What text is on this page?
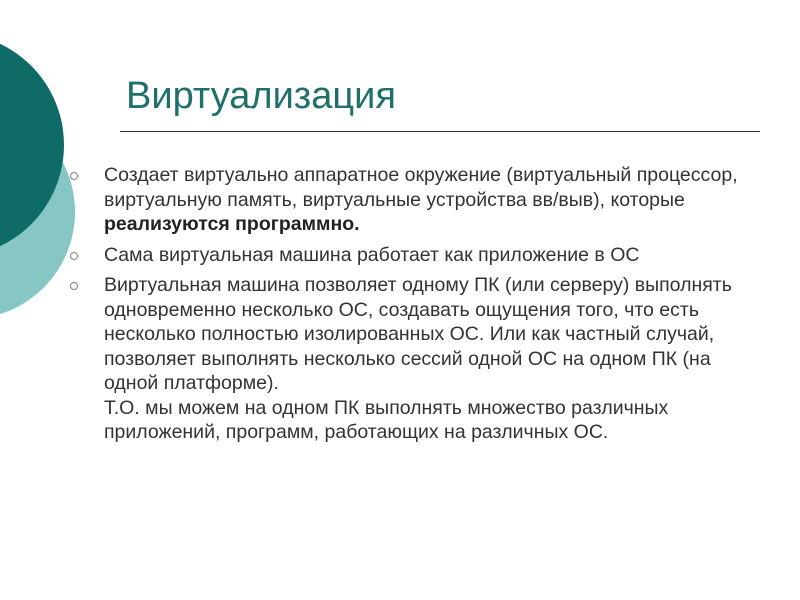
Виртуализация
Создает виртуально аппаратное окружение (виртуальный процессор, виртуальную память, виртуальные устройства вв/выв), которые реализуются программно.
Сама виртуальная машина работает как приложение в ОС
Виртуальная машина позволяет одному ПК (или серверу) выполнять одновременно несколько ОС, создавать ощущения того, что есть несколько полностью изолированных ОС. Или как частный случай, позволяет выполнять несколько сессий одной ОС на одном ПК (на одной платформе).
Т.О. мы можем на одном ПК выполнять множество различных приложений, программ, работающих на различных ОС.
